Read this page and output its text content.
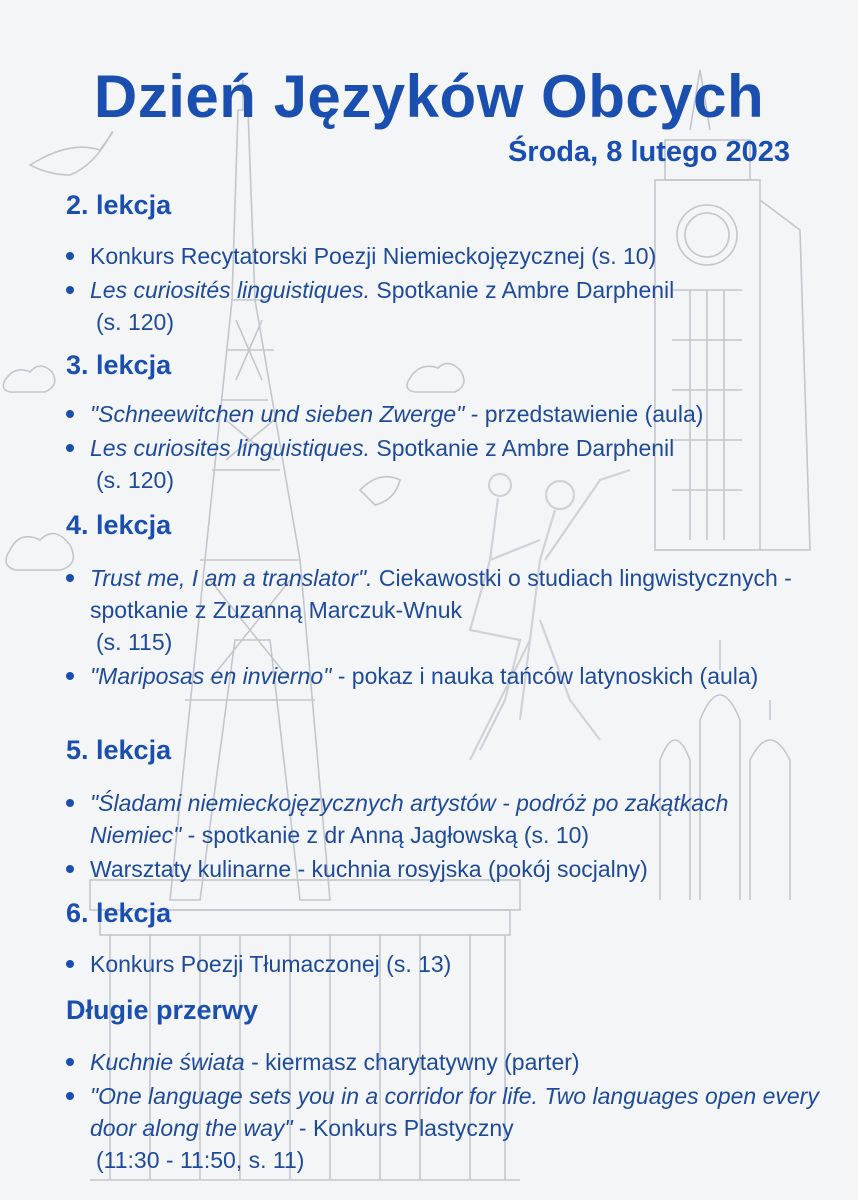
Dzień Języków Obcych
Środa, 8 lutego 2023
2. lekcja
Konkurs Recytatorski Poezji Niemieckojęzycznej (s. 10)
Les curiosités linguistiques. Spotkanie z Ambre Darphenil
(s. 120)
3. lekcja
"Schneewitchen und sieben Zwerge" - przedstawienie (aula)
Les curiosites linguistiques. Spotkanie z Ambre Darphenil
(s. 120)
4. lekcja
Trust me, I am a translator". Ciekawostki o studiach lingwistycznych - spotkanie z Zuzanną Marczuk-Wnuk
(s. 115)
"Mariposas en invierno" - pokaz i nauka tańców latynoskich (aula)
5. lekcja
"Śladami niemieckojęzycznych artystów - podróż po zakątkach Niemiec" - spotkanie z dr Anną Jagłowską (s. 10)
Warsztaty kulinarne - kuchnia rosyjska (pokój socjalny)
6. lekcja
Konkurs Poezji Tłumaczonej (s. 13)
Długie przerwy
Kuchnie świata - kiermasz charytatywny (parter)
"One language sets you in a corridor for life. Two languages open every door along the way" - Konkurs Plastyczny
(11:30 - 11:50, s. 11)
